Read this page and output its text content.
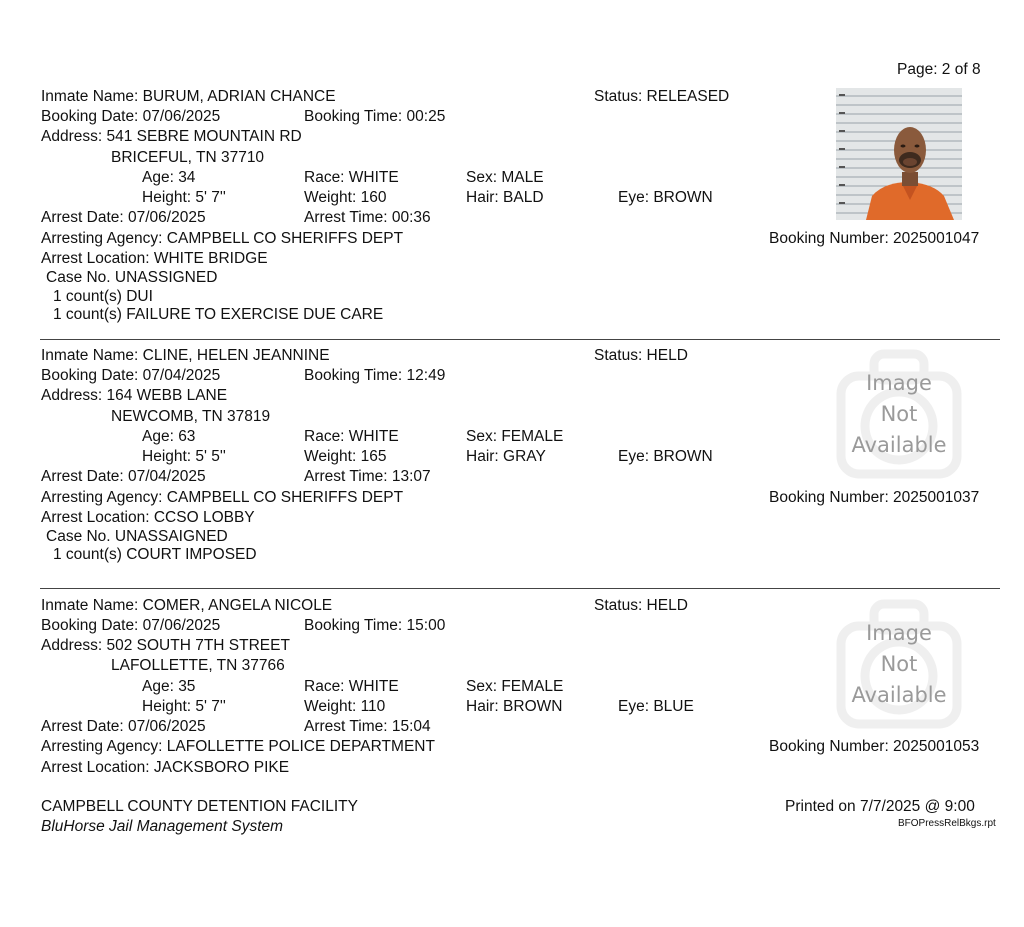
Page: 2 of 8
Inmate Name: BURUM, ADRIAN CHANCE	Status: RELEASED
Booking Date: 07/06/2025	Booking Time: 00:25
Address: 541 SEBRE MOUNTAIN RD
BRICEFUL, TN 37710
Age: 34	Race: WHITE	Sex: MALE
Height: 5' 7''	Weight: 160	Hair: BALD	Eye: BROWN
Arrest Date: 07/06/2025	Arrest Time: 00:36
Arresting Agency: CAMPBELL CO SHERIFFS DEPT	Booking Number: 2025001047
Arrest Location: WHITE BRIDGE
Case No. UNASSIGNED
1 count(s) DUI
1 count(s) FAILURE TO EXERCISE DUE CARE
Inmate Name: CLINE, HELEN JEANNINE	Status: HELD
Booking Date: 07/04/2025	Booking Time: 12:49
Address: 164 WEBB LANE
NEWCOMB, TN 37819
Age: 63	Race: WHITE	Sex: FEMALE
Height: 5' 5''	Weight: 165	Hair: GRAY	Eye: BROWN
Arrest Date: 07/04/2025	Arrest Time: 13:07
Arresting Agency: CAMPBELL CO SHERIFFS DEPT	Booking Number: 2025001037
Arrest Location: CCSO LOBBY
Case No. UNASSAIGNED
1 count(s) COURT IMPOSED
Image
Not
Available
Inmate Name: COMER, ANGELA NICOLE	Status: HELD
Booking Date: 07/06/2025	Booking Time: 15:00
Address: 502 SOUTH 7TH STREET
LAFOLLETTE, TN 37766
Age: 35	Race: WHITE	Sex: FEMALE
Height: 5' 7''	Weight: 110	Hair: BROWN	Eye: BLUE
Arrest Date: 07/06/2025	Arrest Time: 15:04
Arresting Agency: LAFOLLETTE POLICE DEPARTMENT	Booking Number: 2025001053
Arrest Location: JACKSBORO PIKE
Image
Not
Available
CAMPBELL COUNTY DETENTION FACILITY
BluHorse Jail Management System
Printed on 7/7/2025 @ 9:00
BFOPressRelBkgs.rpt
